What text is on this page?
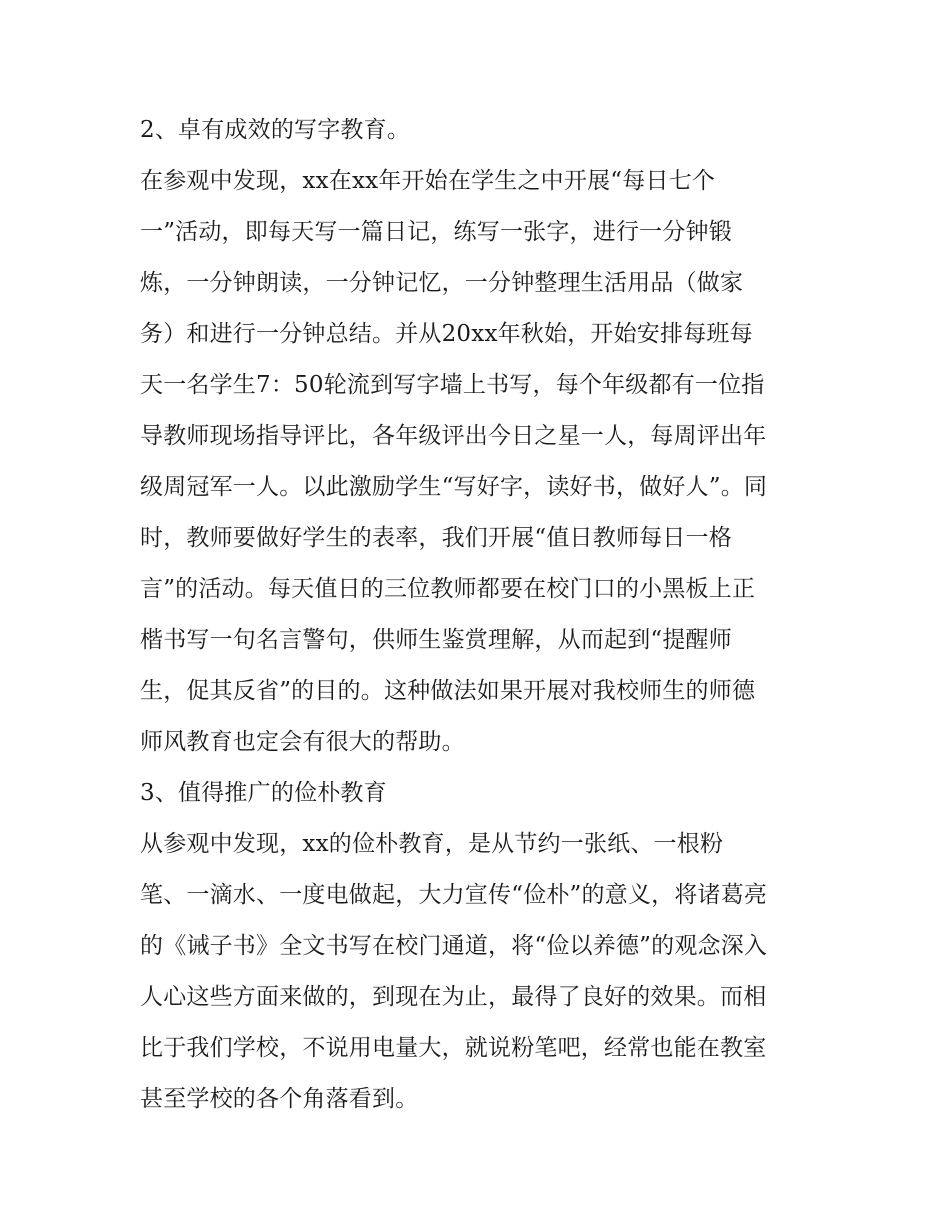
2、卓有成效的写字教育。
在参观中发现，xx在xx年开始在学生之中开展“每日七个
一”活动，即每天写一篇日记，练写一张字，进行一分钟锻
炼，一分钟朗读，一分钟记忆，一分钟整理生活用品（做家
务）和进行一分钟总结。并从20xx年秋始，开始安排每班每
天一名学生7：50轮流到写字墙上书写，每个年级都有一位指
导教师现场指导评比，各年级评出今日之星一人，每周评出年
级周冠军一人。以此激励学生“写好字，读好书，做好人”。同
时，教师要做好学生的表率，我们开展“值日教师每日一格
言”的活动。每天值日的三位教师都要在校门口的小黑板上正
楷书写一句名言警句，供师生鉴赏理解，从而起到“提醒师
生，促其反省”的目的。这种做法如果开展对我校师生的师德
师风教育也定会有很大的帮助。
3、值得推广的俭朴教育
从参观中发现，xx的俭朴教育，是从节约一张纸、一根粉
笔、一滴水、一度电做起，大力宣传“俭朴”的意义，将诸葛亮
的《诫子书》全文书写在校门通道，将“俭以养德”的观念深入
人心这些方面来做的，到现在为止，最得了良好的效果。而相
比于我们学校，不说用电量大，就说粉笔吧，经常也能在教室
甚至学校的各个角落看到。
